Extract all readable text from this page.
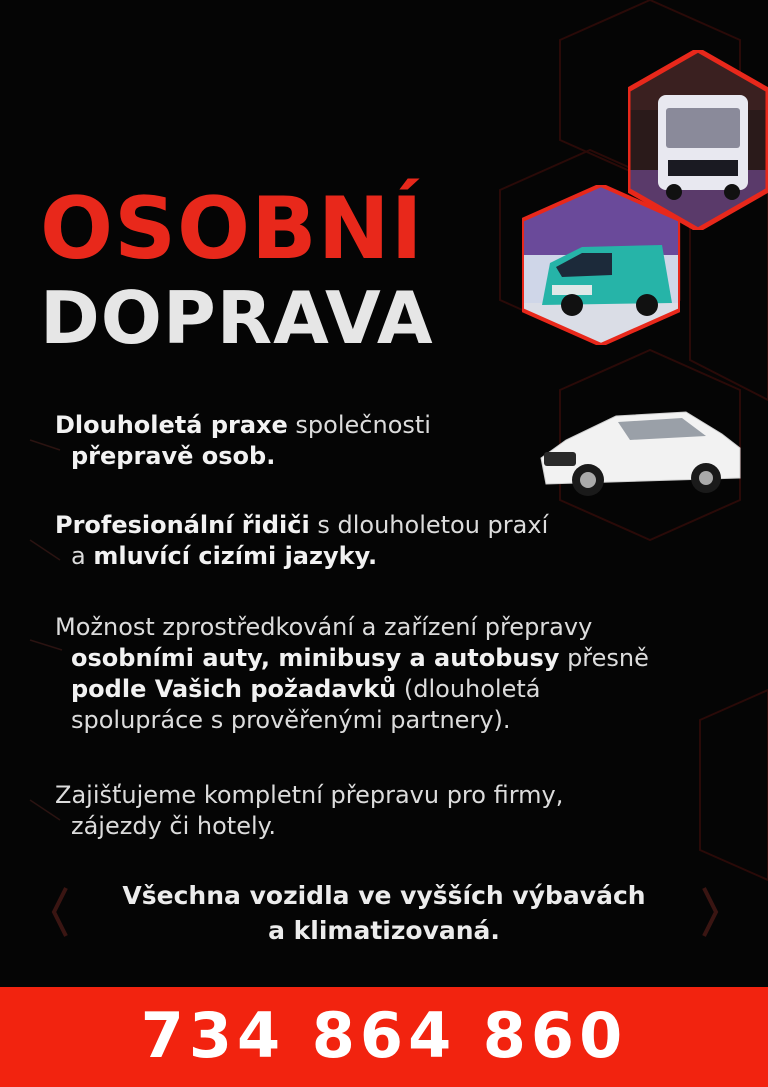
OSOBNÍ
DOPRAVA
Dlouholetá praxe společnosti
přepravě osob.
Profesionální řidiči s dlouholetou praxí
a mluvící cizími jazyky.
Možnost zprostředkování a zařízení přepravy
osobními auty, minibusy a autobusy přesně
podle Vašich požadavků (dlouholetá
spolupráce s prověřenými partnery).
Zajišťujeme kompletní přepravu pro firmy,
zájezdy či hotely.
Všechna vozidla ve vyšších výbavách
a klimatizovaná.
734 864 860
